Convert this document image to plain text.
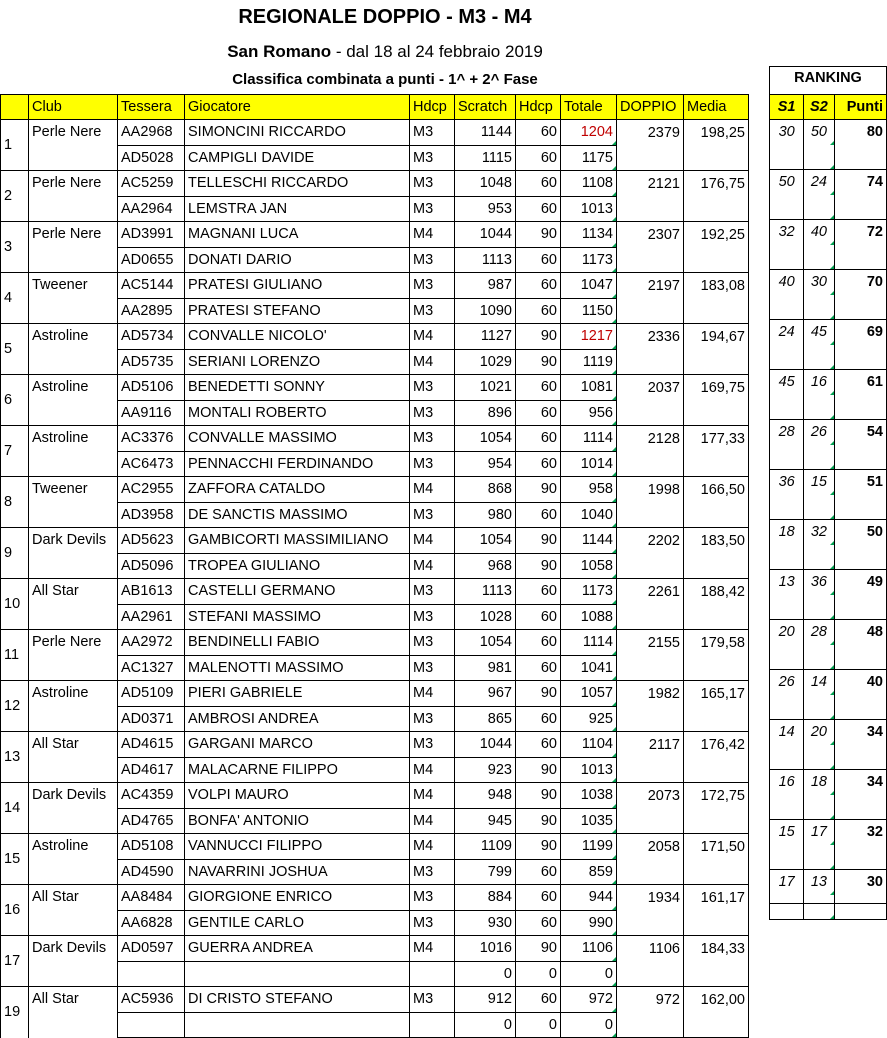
REGIONALE DOPPIO - M3 - M4
San Romano - dal 18 al 24 febbraio 2019
Classifica combinata a punti - 1^ + 2^ Fase	RANKING
	Club	Tessera	Giocatore	Hdcp	Scratch	Hdcp	Totale	DOPPIO	Media
1	Perle Nere	AA2968	SIMONCINI RICCARDO	M3	1144	60	1204	2379	198,25
		AD5028	CAMPIGLI DAVIDE	M3	1115	60	1175		
2	Perle Nere	AC5259	TELLESCHI RICCARDO	M3	1048	60	1108	2121	176,75
		AA2964	LEMSTRA JAN	M3	953	60	1013		
3	Perle Nere	AD3991	MAGNANI LUCA	M4	1044	90	1134	2307	192,25
		AD0655	DONATI DARIO	M3	1113	60	1173		
4	Tweener	AC5144	PRATESI GIULIANO	M3	987	60	1047	2197	183,08
		AA2895	PRATESI STEFANO	M3	1090	60	1150		
5	Astroline	AD5734	CONVALLE NICOLO'	M4	1127	90	1217	2336	194,67
		AD5735	SERIANI LORENZO	M4	1029	90	1119		
6	Astroline	AD5106	BENEDETTI SONNY	M3	1021	60	1081	2037	169,75
		AA9116	MONTALI ROBERTO	M3	896	60	956		
7	Astroline	AC3376	CONVALLE MASSIMO	M3	1054	60	1114	2128	177,33
		AC6473	PENNACCHI FERDINANDO	M3	954	60	1014		
8	Tweener	AC2955	ZAFFORA CATALDO	M4	868	90	958	1998	166,50
		AD3958	DE SANCTIS MASSIMO	M3	980	60	1040		
9	Dark Devils	AD5623	GAMBICORTI MASSIMILIANO	M4	1054	90	1144	2202	183,50
		AD5096	TROPEA GIULIANO	M4	968	90	1058		
10	All Star	AB1613	CASTELLI GERMANO	M3	1113	60	1173	2261	188,42
		AA2961	STEFANI MASSIMO	M3	1028	60	1088		
11	Perle Nere	AA2972	BENDINELLI FABIO	M3	1054	60	1114	2155	179,58
		AC1327	MALENOTTI MASSIMO	M3	981	60	1041		
12	Astroline	AD5109	PIERI GABRIELE	M4	967	90	1057	1982	165,17
		AD0371	AMBROSI ANDREA	M3	865	60	925		
13	All Star	AD4615	GARGANI MARCO	M3	1044	60	1104	2117	176,42
		AD4617	MALACARNE FILIPPO	M4	923	90	1013		
14	Dark Devils	AC4359	VOLPI MAURO	M4	948	90	1038	2073	172,75
		AD4765	BONFA' ANTONIO	M4	945	90	1035		
15	Astroline	AD5108	VANNUCCI FILIPPO	M4	1109	90	1199	2058	171,50
		AD4590	NAVARRINI JOSHUA	M3	799	60	859		
16	All Star	AA8484	GIORGIONE ENRICO	M3	884	60	944	1934	161,17
		AA6828	GENTILE CARLO	M3	930	60	990		
17	Dark Devils	AD0597	GUERRA ANDREA	M4	1016	90	1106	1106	184,33
					0	0	0		
19	All Star	AC5936	DI CRISTO STEFANO	M3	912	60	972	972	162,00
					0	0	0		
S1	S2	Punti
30	50	80

50	24	74

32	40	72

40	30	70

24	45	69

45	16	61

28	26	54

36	15	51

18	32	50

13	36	49

20	28	48

26	14	40

14	20	34

16	18	34

15	17	32

17	13	30
